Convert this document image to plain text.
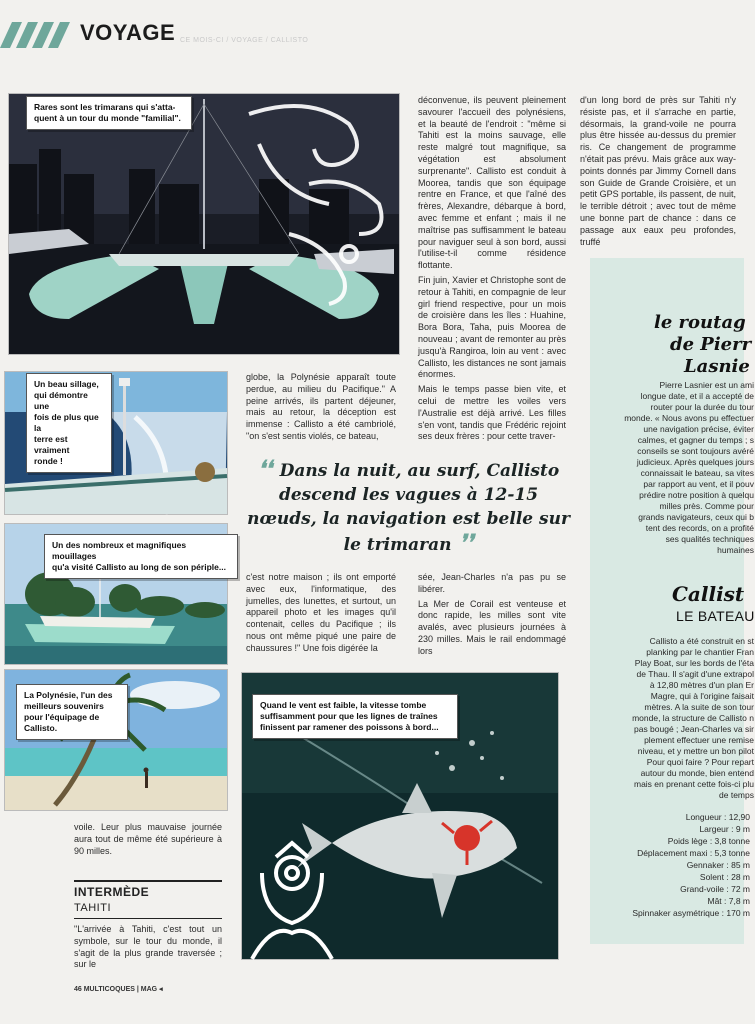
VOYAGE CE MOIS-CI / VOYAGE / CALLISTO
Rares sont les trimarans qui s'atta-
quent à un tour du monde "familial".
Un beau sillage,
qui démontre une
fois de plus que la
terre est vraiment
ronde !
Un des nombreux et magnifiques mouillages
qu'a visité Callisto au long de son périple...
La Polynésie, l'un des
meilleurs souvenirs
pour l'équipage de
Callisto.

voile. Leur plus mauvaise journée aura tout de même été supérieure à 90 milles.

INTERMÈDE
TAHITI

"L'arrivée à Tahiti, c'est tout un symbole, sur le tour du monde, il s'agit de la plus grande traversée ; sur le

globe, la Polynésie apparaît toute perdue, au milieu du Pacifique." A peine arrivés, ils partent déjeuner, mais au retour, la déception est immense : Callisto a été cambriolé, "on s'est sentis violés, ce bateau,

déconvenue, ils peuvent pleinement savourer l'accueil des polynésiens, et la beauté de l'endroit : "même si Tahiti est la moins sauvage, elle reste malgré tout magnifique, sa végétation est absolument surprenante". Callisto est conduit à Moorea, tandis que son équipage rentre en France, et que l'aîné des frères, Alexandre, débarque à bord, avec femme et enfant ; mais il ne maîtrise pas suffisamment le bateau pour naviguer seul à son bord, aussi l'utilise-t-il comme résidence flottante.

Fin juin, Xavier et Christophe sont de retour à Tahiti, en compagnie de leur girl friend respective, pour un mois de croisière dans les îles : Huahine, Bora Bora, Taha, puis Moorea de nouveau ; avant de remonter au près jusqu'à Rangiroa, loin au vent : avec Callisto, les distances ne sont jamais énormes.

Mais le temps passe bien vite, et celui de mettre les voiles vers l'Australie est déjà arrivé. Les filles s'en vont, tandis que Frédéric rejoint ses deux frères : pour cette traver-

❛❛ Dans la nuit, au surf, Callisto descend les vagues à 12-15 nœuds, la navigation est belle sur le trimaran ❜❜

c'est notre maison ; ils ont emporté avec eux, l'informatique, des jumelles, des lunettes, et surtout, un appareil photo et les images qu'il contenait, celles du Pacifique ; ils nous ont même piqué une paire de chaussures !" Une fois digérée la

sée, Jean-Charles n'a pas pu se libérer.

La Mer de Corail est venteuse et donc rapide, les milles sont vite avalés, avec plusieurs journées à 230 milles. Mais le rail endommagé lors

Quand le vent est faible, la vitesse tombe
suffisamment pour que les lignes de traînes
finissent par ramener des poissons à bord...

d'un long bord de près sur Tahiti n'y résiste pas, et il s'arrache en partie, désormais, la grand-voile ne pourra plus être hissée au-dessus du premier ris. Ce changement de programme n'était pas prévu. Mais grâce aux way-points donnés par Jimmy Cornell dans son Guide de Grande Croisière, et un petit GPS portable, ils passent, de nuit, le terrible détroit ; avec tout de même une bonne part de chance : dans ce passage aux eaux peu profondes, truffé

le routag
de Pierr
Lasnie
Pierre Lasnier est un ami
longue date, et il a accepté de
router pour la durée du tour
monde. « Nous avons pu effectuer
une navigation précise, éviter
calmes, et gagner du temps ; s
conseils se sont toujours avéré
judicieux. Après quelques jours
connaissait le bateau, sa vites
par rapport au vent, et il pouv
prédire notre position à quelqu
milles près. Comme pour
grands navigateurs, ceux qui b
tent des records, on a profité
ses qualités techniques
humaines
Callist
LE BATEAU
Callisto a été construit en st
planking par le chantier Fran
Play Boat, sur les bords de l'éta
de Thau. Il s'agit d'une extrapol
à 12,80 mètres d'un plan Er
Magre, qui à l'origine faisait
mètres. A la suite de son tour
monde, la structure de Callisto n
pas bougé ; Jean-Charles va sir
plement effectuer une remise
niveau, et y mettre un bon pilot
Pour quoi faire ? Pour repart
autour du monde, bien entend
mais en prenant cette fois-ci plu
de temps
Longueur : 12,90
Largeur : 9 m
Poids lège : 3,8 tonne
Déplacement maxi : 5,3 tonne
Gennaker : 85 m
Solent : 28 m
Grand-voile : 72 m
Mât : 7,8 m
Spinnaker asymétrique : 170 m
46 MULTICOQUES | MAG ◂
